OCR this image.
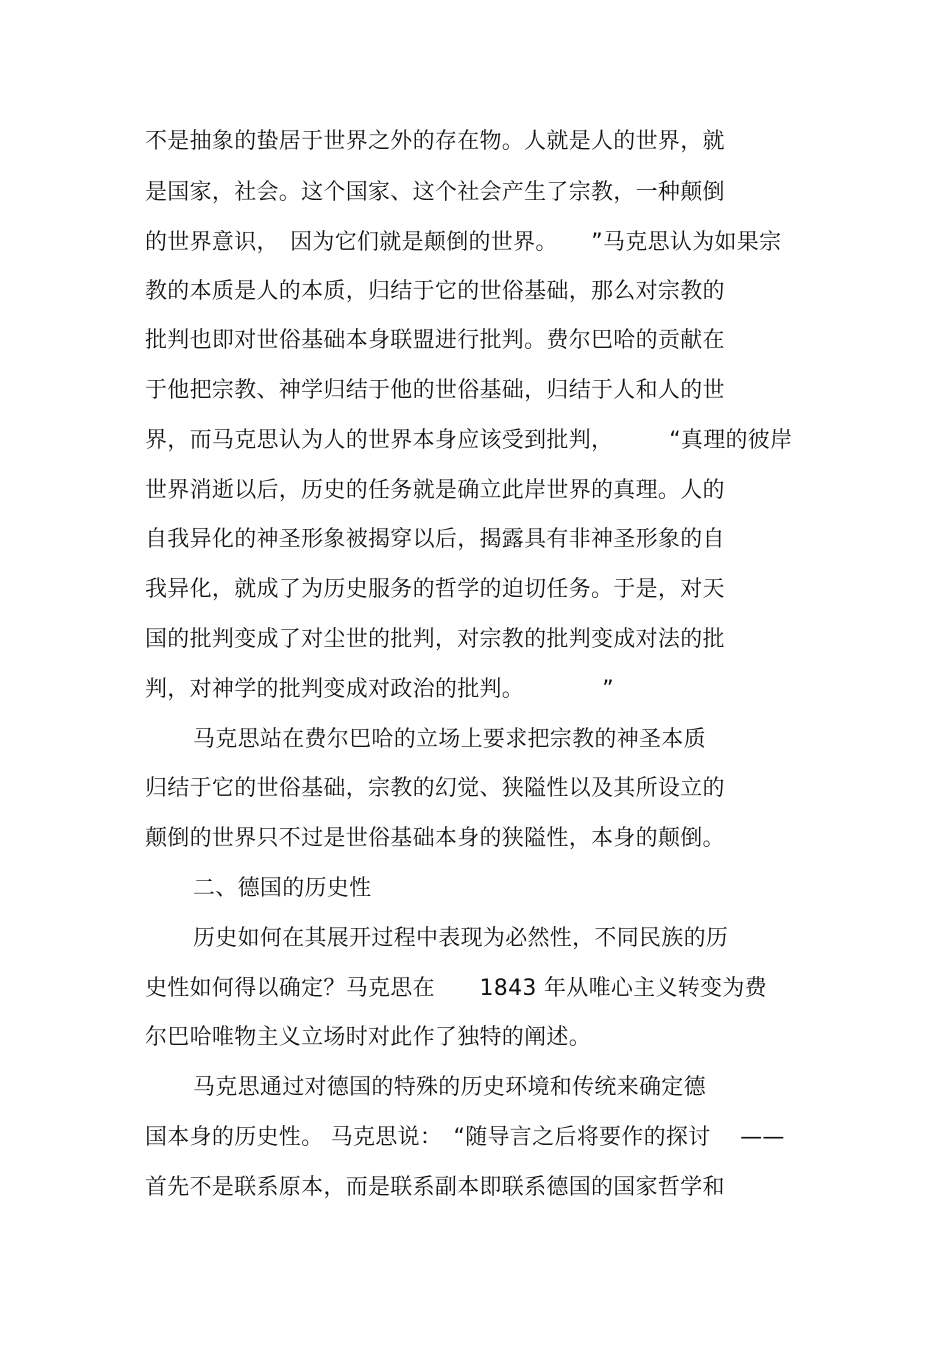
不是抽象的蛰居于世界之外的存在物。人就是人的世界，就
是国家，社会。这个国家、这个社会产生了宗教，一种颠倒
的世界意识，　因为它们就是颠倒的世界。　　”马克思认为如果宗
教的本质是人的本质，归结于它的世俗基础，那么对宗教的
批判也即对世俗基础本身联盟进行批判。费尔巴哈的贡献在
于他把宗教、神学归结于他的世俗基础，归结于人和人的世
界，而马克思认为人的世界本身应该受到批判，　　　“真理的彼岸
世界消逝以后，历史的任务就是确立此岸世界的真理。人的
自我异化的神圣形象被揭穿以后，揭露具有非神圣形象的自
我异化，就成了为历史服务的哲学的迫切任务。于是，对天
国的批判变成了对尘世的批判，对宗教的批判变成对法的批
判，对神学的批判变成对政治的批判。　　　　”
马克思站在费尔巴哈的立场上要求把宗教的神圣本质
归结于它的世俗基础，宗教的幻觉、狭隘性以及其所设立的
颠倒的世界只不过是世俗基础本身的狭隘性，本身的颠倒。
二、德国的历史性
历史如何在其展开过程中表现为必然性，不同民族的历
史性如何得以确定？马克思在　　1843 年从唯心主义转变为费
尔巴哈唯物主义立场时对此作了独特的阐述。
马克思通过对德国的特殊的历史环境和传统来确定德
国本身的历史性。 马克思说：　“随导言之后将要作的探讨　 ——
首先不是联系原本，而是联系副本即联系德国的国家哲学和
